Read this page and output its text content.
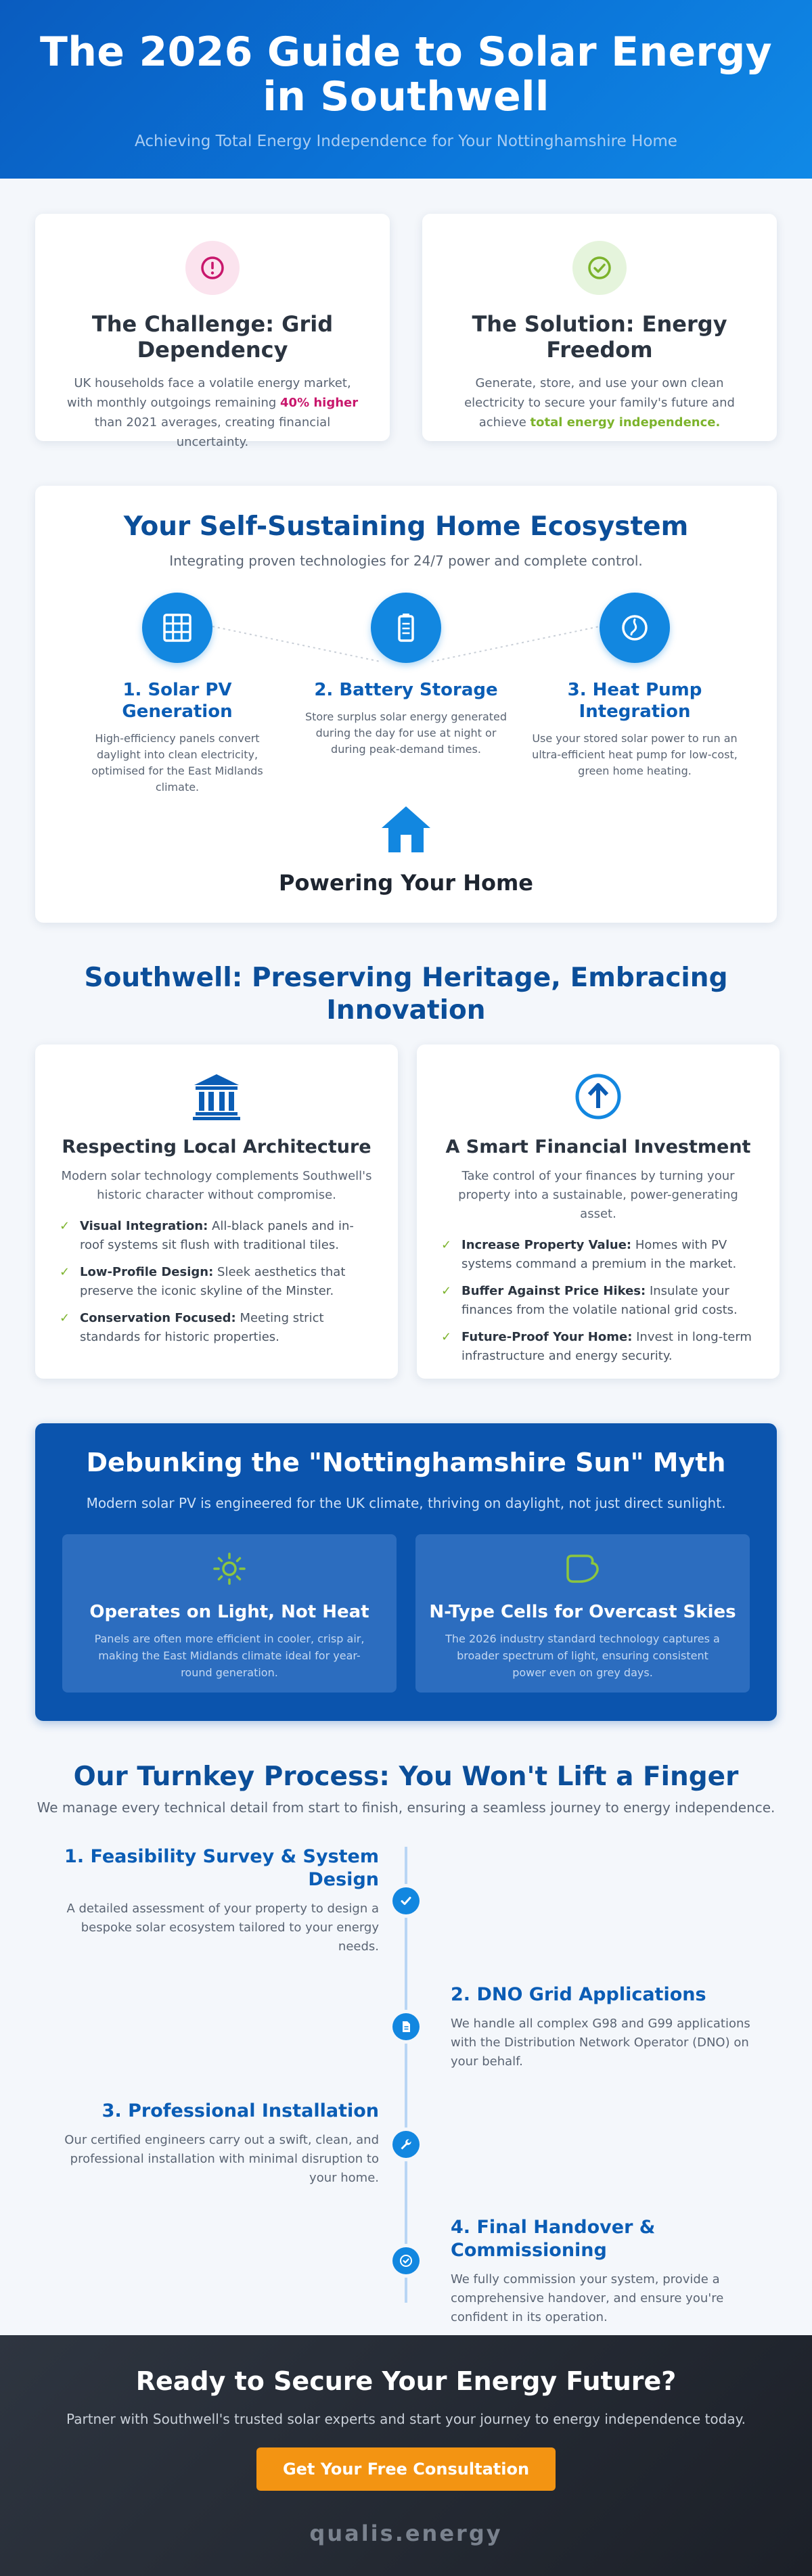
The 2026 Guide to Solar Energy
in Southwell

Achieving Total Energy Independence for Your Nottinghamshire Home

The Challenge: Grid Dependency

UK households face a volatile energy market, with monthly outgoings remaining 40% higher than 2021 averages, creating financial uncertainty.

The Solution: Energy Freedom

Generate, store, and use your own clean electricity to secure your family's future and achieve total energy independence.

Your Self-Sustaining Home Ecosystem

Integrating proven technologies for 24/7 power and complete control.

1. Solar PV Generation

High-efficiency panels convert daylight into clean electricity, optimised for the East Midlands climate.

2. Battery Storage

Store surplus solar energy generated during the day for use at night or during peak-demand times.

3. Heat Pump Integration

Use your stored solar power to run an ultra-efficient heat pump for low-cost, green home heating.

Powering Your Home
Southwell: Preserving Heritage, Embracing Innovation
Respecting Local Architecture

Modern solar technology complements Southwell's historic character without compromise.

✓ Visual Integration: All-black panels and in-roof systems sit flush with traditional tiles.
✓ Low-Profile Design: Sleek aesthetics that preserve the iconic skyline of the Minster.
✓ Conservation Focused: Meeting strict standards for historic properties.
A Smart Financial Investment

Take control of your finances by turning your property into a sustainable, power-generating asset.

✓ Increase Property Value: Homes with PV systems command a premium in the market.
✓ Buffer Against Price Hikes: Insulate your finances from the volatile national grid costs.
✓ Future-Proof Your Home: Invest in long-term infrastructure and energy security.
Debunking the "Nottinghamshire Sun" Myth

Modern solar PV is engineered for the UK climate, thriving on daylight, not just direct sunlight.

Operates on Light, Not Heat

Panels are often more efficient in cooler, crisp air, making the East Midlands climate ideal for year-round generation.

N-Type Cells for Overcast Skies

The 2026 industry standard technology captures a broader spectrum of light, ensuring consistent power even on grey days.

Our Turnkey Process: You Won't Lift a Finger

We manage every technical detail from start to finish, ensuring a seamless journey to energy independence.

1. Feasibility Survey & System Design

A detailed assessment of your property to design a bespoke solar ecosystem tailored to your energy needs.

2. DNO Grid Applications

We handle all complex G98 and G99 applications with the Distribution Network Operator (DNO) on your behalf.

3. Professional Installation

Our certified engineers carry out a swift, clean, and professional installation with minimal disruption to your home.

4. Final Handover & Commissioning

We fully commission your system, provide a comprehensive handover, and ensure you're confident in its operation.

Ready to Secure Your Energy Future?

Partner with Southwell's trusted solar experts and start your journey to energy independence today.

Get Your Free Consultation
qualis.energy
